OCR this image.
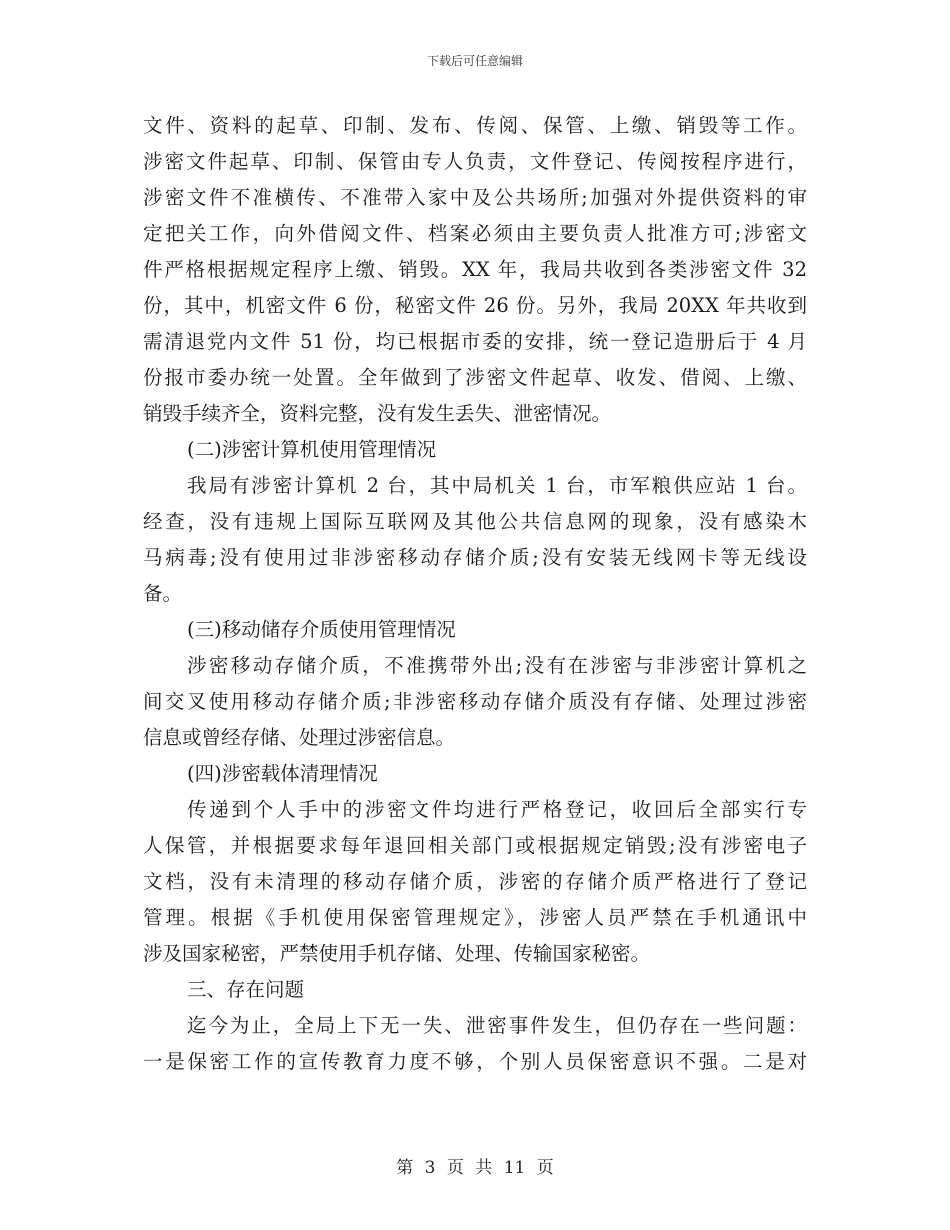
下载后可任意编辑
文件、资料的起草、印制、发布、传阅、保管、上缴、销毁等工作。
涉密文件起草、印制、保管由专人负责，文件登记、传阅按程序进行，
涉密文件不准横传、不准带入家中及公共场所;加强对外提供资料的审
定把关工作，向外借阅文件、档案必须由主要负责人批准方可;涉密文
件严格根据规定程序上缴、销毁。XX 年，我局共收到各类涉密文件 32
份，其中，机密文件 6 份，秘密文件 26 份。另外，我局 20XX 年共收到
需清退党内文件 51 份，均已根据市委的安排，统一登记造册后于 4 月
份报市委办统一处置。全年做到了涉密文件起草、收发、借阅、上缴、
销毁手续齐全，资料完整，没有发生丢失、泄密情况。
(二)涉密计算机使用管理情况
我局有涉密计算机 2 台，其中局机关 1 台，市军粮供应站 1 台。
经查，没有违规上国际互联网及其他公共信息网的现象，没有感染木
马病毒;没有使用过非涉密移动存储介质;没有安装无线网卡等无线设
备。
(三)移动储存介质使用管理情况
涉密移动存储介质，不准携带外出;没有在涉密与非涉密计算机之
间交叉使用移动存储介质;非涉密移动存储介质没有存储、处理过涉密
信息或曾经存储、处理过涉密信息。
(四)涉密载体清理情况
传递到个人手中的涉密文件均进行严格登记，收回后全部实行专
人保管，并根据要求每年退回相关部门或根据规定销毁;没有涉密电子
文档，没有未清理的移动存储介质，涉密的存储介质严格进行了登记
管理。根据《手机使用保密管理规定》，涉密人员严禁在手机通讯中
涉及国家秘密，严禁使用手机存储、处理、传输国家秘密。
三、存在问题
迄今为止，全局上下无一失、泄密事件发生，但仍存在一些问题：
一是保密工作的宣传教育力度不够，个别人员保密意识不强。二是对
第 3 页 共 11 页
